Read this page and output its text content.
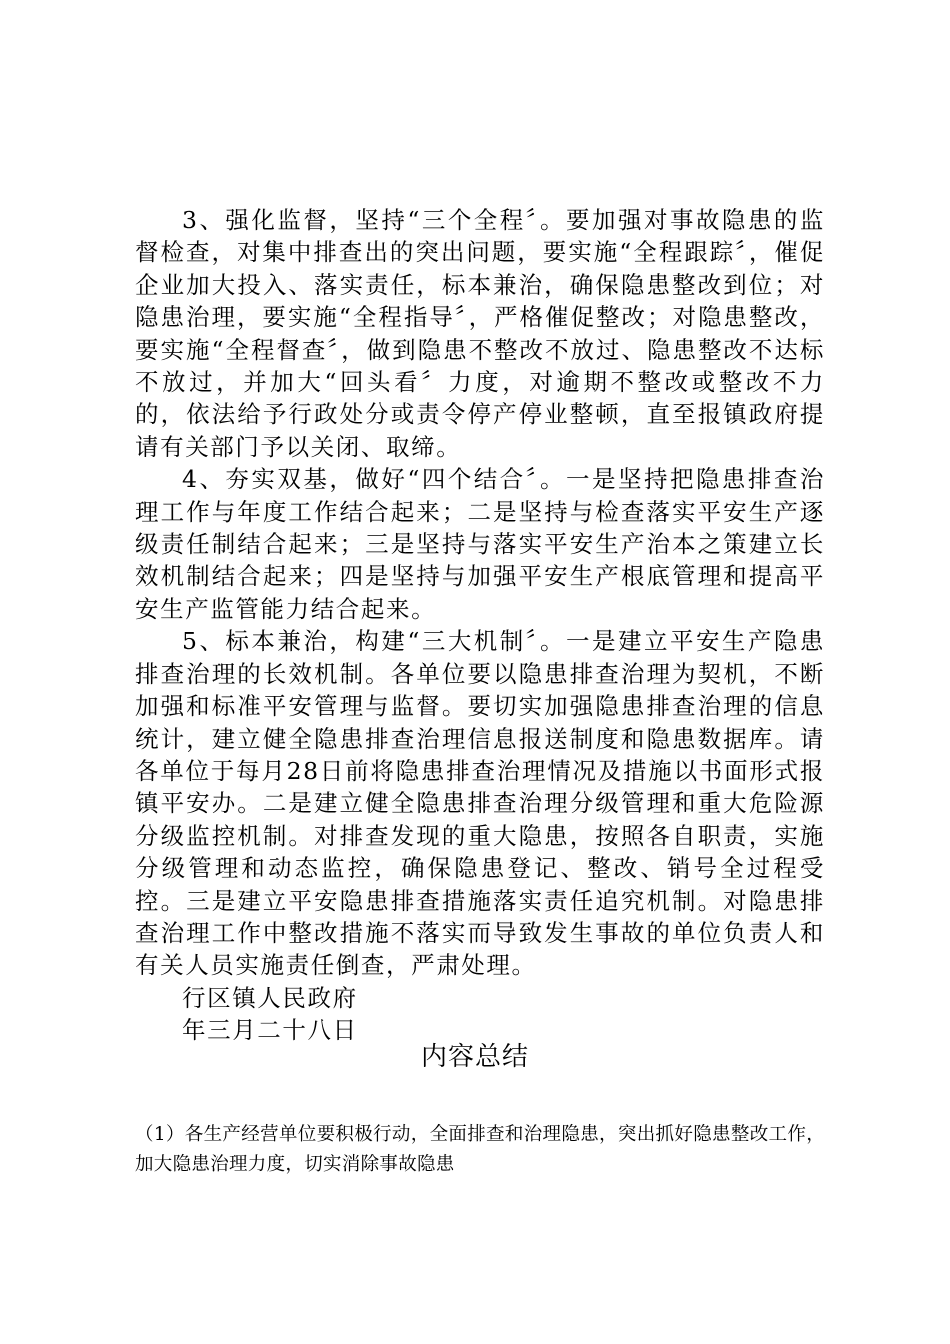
3、强化监督，坚持“三个全程〞。要加强对事故隐患的监督检查，对集中排查出的突出问题，要实施“全程跟踪〞，催促企业加大投入、落实责任，标本兼治，确保隐患整改到位；对隐患治理，要实施“全程指导〞，严格催促整改；对隐患整改，要实施“全程督查〞，做到隐患不整改不放过、隐患整改不达标不放过，并加大“回头看〞力度，对逾期不整改或整改不力的，依法给予行政处分或责令停产停业整顿，直至报镇政府提请有关部门予以关闭、取缔。

4、夯实双基，做好“四个结合〞。一是坚持把隐患排查治理工作与年度工作结合起来；二是坚持与检查落实平安生产逐级责任制结合起来；三是坚持与落实平安生产治本之策建立长效机制结合起来；四是坚持与加强平安生产根底管理和提高平安生产监管能力结合起来。

5、标本兼治，构建“三大机制〞。一是建立平安生产隐患排查治理的长效机制。各单位要以隐患排查治理为契机，不断加强和标准平安管理与监督。要切实加强隐患排查治理的信息统计，建立健全隐患排查治理信息报送制度和隐患数据库。请各单位于每月28日前将隐患排查治理情况及措施以书面形式报镇平安办。二是建立健全隐患排查治理分级管理和重大危险源分级监控机制。对排查发现的重大隐患，按照各自职责，实施分级管理和动态监控，确保隐患登记、整改、销号全过程受控。三是建立平安隐患排查措施落实责任追究机制。对隐患排查治理工作中整改措施不落实而导致发生事故的单位负责人和有关人员实施责任倒查，严肃处理。

行区镇人民政府

年三月二十八日

内容总结

（1）各生产经营单位要积极行动，全面排查和治理隐患，突出抓好隐患整改工作，加大隐患治理力度，切实消除事故隐患
